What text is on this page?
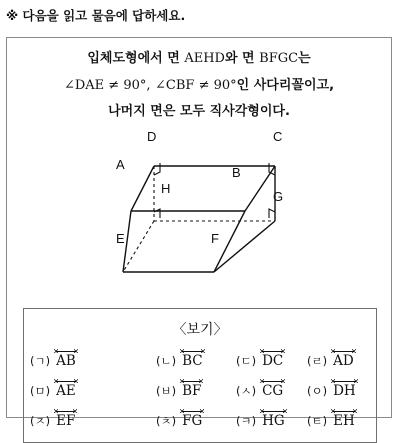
※ 다음을 읽고 물음에 답하세요.
입체도형에서 면 AEHD와 면 BFGC는
∠DAE ≠ 90°, ∠CBF ≠ 90°인 사다리꼴이고,
나머지 면은 모두 직사각형이다.
D	C
A
B
H
G
E	F
〈보기〉
(ㄱ) AB	(ㄴ) BC	(ㄷ) DC (ㄹ) AD
(ㅁ) AE	(ㅂ) BF	(ㅅ) CG (ㅇ) DH
(ㅈ) EF	(ㅊ) FG	(ㅋ) HG (ㅌ) EH
